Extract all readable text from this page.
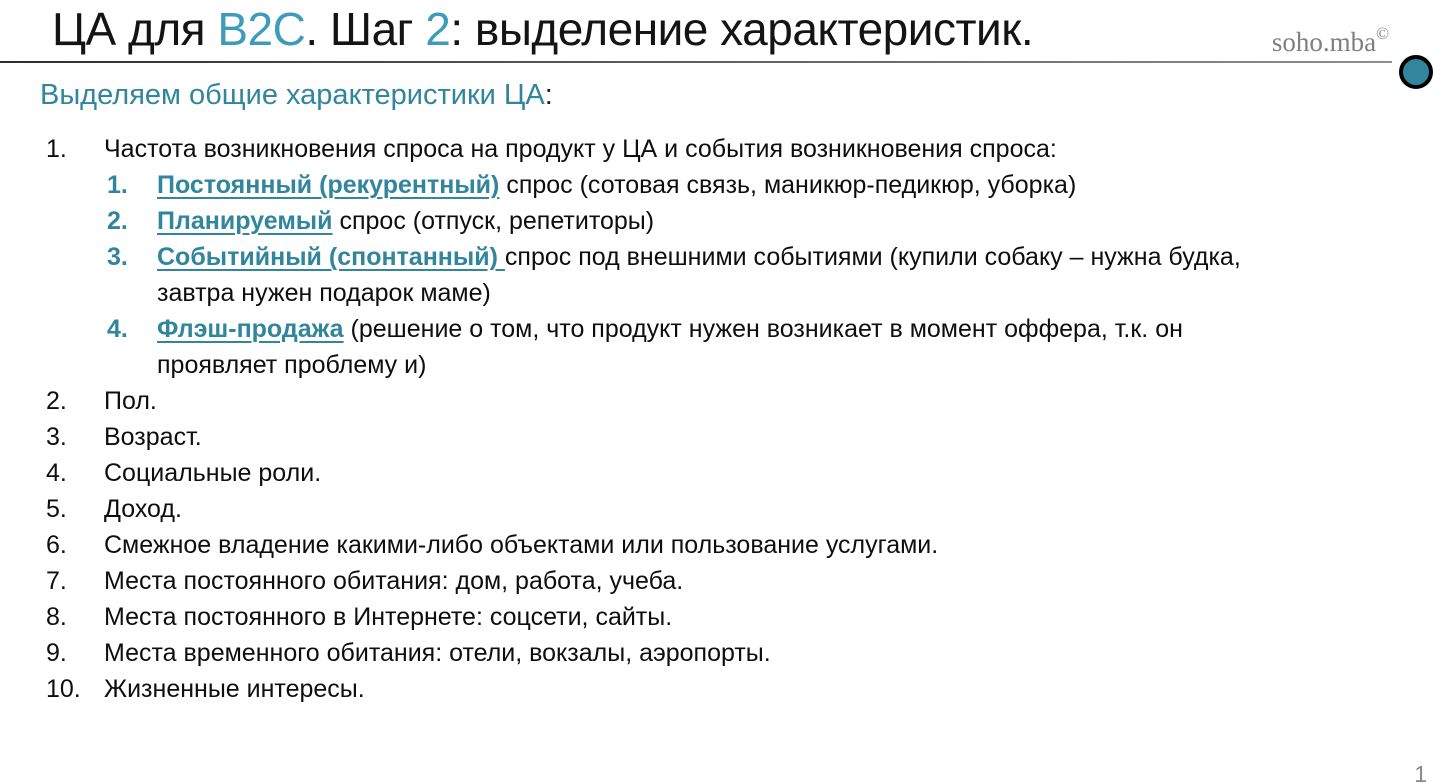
ЦА для B2C. Шаг 2: выделение характеристик.	soho.mba©
Выделяем общие характеристики ЦА:
1.	Частота возникновения спроса на продукт у ЦА и события возникновения спроса:
1.	Постоянный (рекурентный) спрос (сотовая связь, маникюр-педикюр, уборка)
2.	Планируемый спрос (отпуск, репетиторы)
3.	Событийный (спонтанный) спрос под внешними событиями (купили собаку – нужна будка, завтра нужен подарок маме)
4.	Флэш-продажа (решение о том, что продукт нужен возникает в момент оффера, т.к. он проявляет проблему и)
2.	Пол.
3.	Возраст.
4.	Социальные роли.
5.	Доход.
6.	Смежное владение какими-либо объектами или пользование услугами.
7.	Места постоянного обитания: дом, работа, учеба.
8.	Места постоянного в Интернете: соцсети, сайты.
9.	Места временного обитания: отели, вокзалы, аэропорты.
10. Жизненные интересы.
1
